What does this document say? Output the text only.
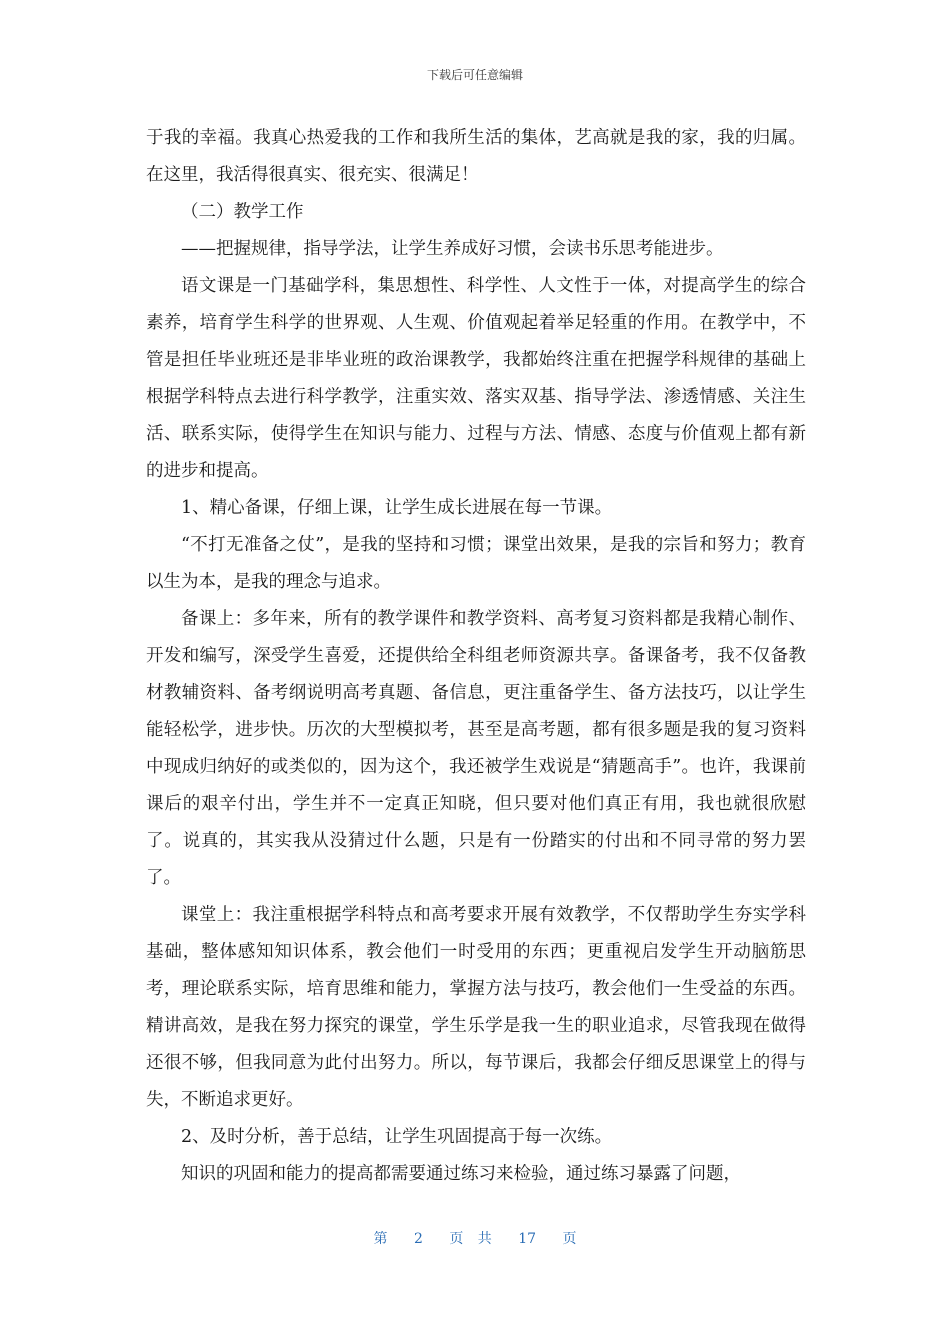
下载后可任意编辑

于我的幸福。我真心热爱我的工作和我所生活的集体，艺高就是我的家，我的归属。在这里，我活得很真实、很充实、很满足！

（二）教学工作

——把握规律，指导学法，让学生养成好习惯，会读书乐思考能进步。

语文课是一门基础学科，集思想性、科学性、人文性于一体，对提高学生的综合素养，培育学生科学的世界观、人生观、价值观起着举足轻重的作用。在教学中，不管是担任毕业班还是非毕业班的政治课教学，我都始终注重在把握学科规律的基础上根据学科特点去进行科学教学，注重实效、落实双基、指导学法、渗透情感、关注生活、联系实际，使得学生在知识与能力、过程与方法、情感、态度与价值观上都有新的进步和提高。

1、精心备课，仔细上课，让学生成长进展在每一节课。

“不打无准备之仗”，是我的坚持和习惯；课堂出效果，是我的宗旨和努力；教育以生为本，是我的理念与追求。

备课上：多年来，所有的教学课件和教学资料、高考复习资料都是我精心制作、开发和编写，深受学生喜爱，还提供给全科组老师资源共享。备课备考，我不仅备教材教辅资料、备考纲说明高考真题、备信息，更注重备学生、备方法技巧，以让学生能轻松学，进步快。历次的大型模拟考，甚至是高考题，都有很多题是我的复习资料中现成归纳好的或类似的，因为这个，我还被学生戏说是“猜题高手”。也许，我课前课后的艰辛付出，学生并不一定真正知晓，但只要对他们真正有用，我也就很欣慰了。说真的，其实我从没猜过什么题，只是有一份踏实的付出和不同寻常的努力罢了。

课堂上：我注重根据学科特点和高考要求开展有效教学，不仅帮助学生夯实学科基础，整体感知知识体系，教会他们一时受用的东西；更重视启发学生开动脑筋思考，理论联系实际，培育思维和能力，掌握方法与技巧，教会他们一生受益的东西。精讲高效，是我在努力探究的课堂，学生乐学是我一生的职业追求，尽管我现在做得还很不够，但我同意为此付出努力。所以，每节课后，我都会仔细反思课堂上的得与失，不断追求更好。

2、及时分析，善于总结，让学生巩固提高于每一次练。

知识的巩固和能力的提高都需要通过练习来检验，通过练习暴露了问题，

第 2 页 共 17 页
